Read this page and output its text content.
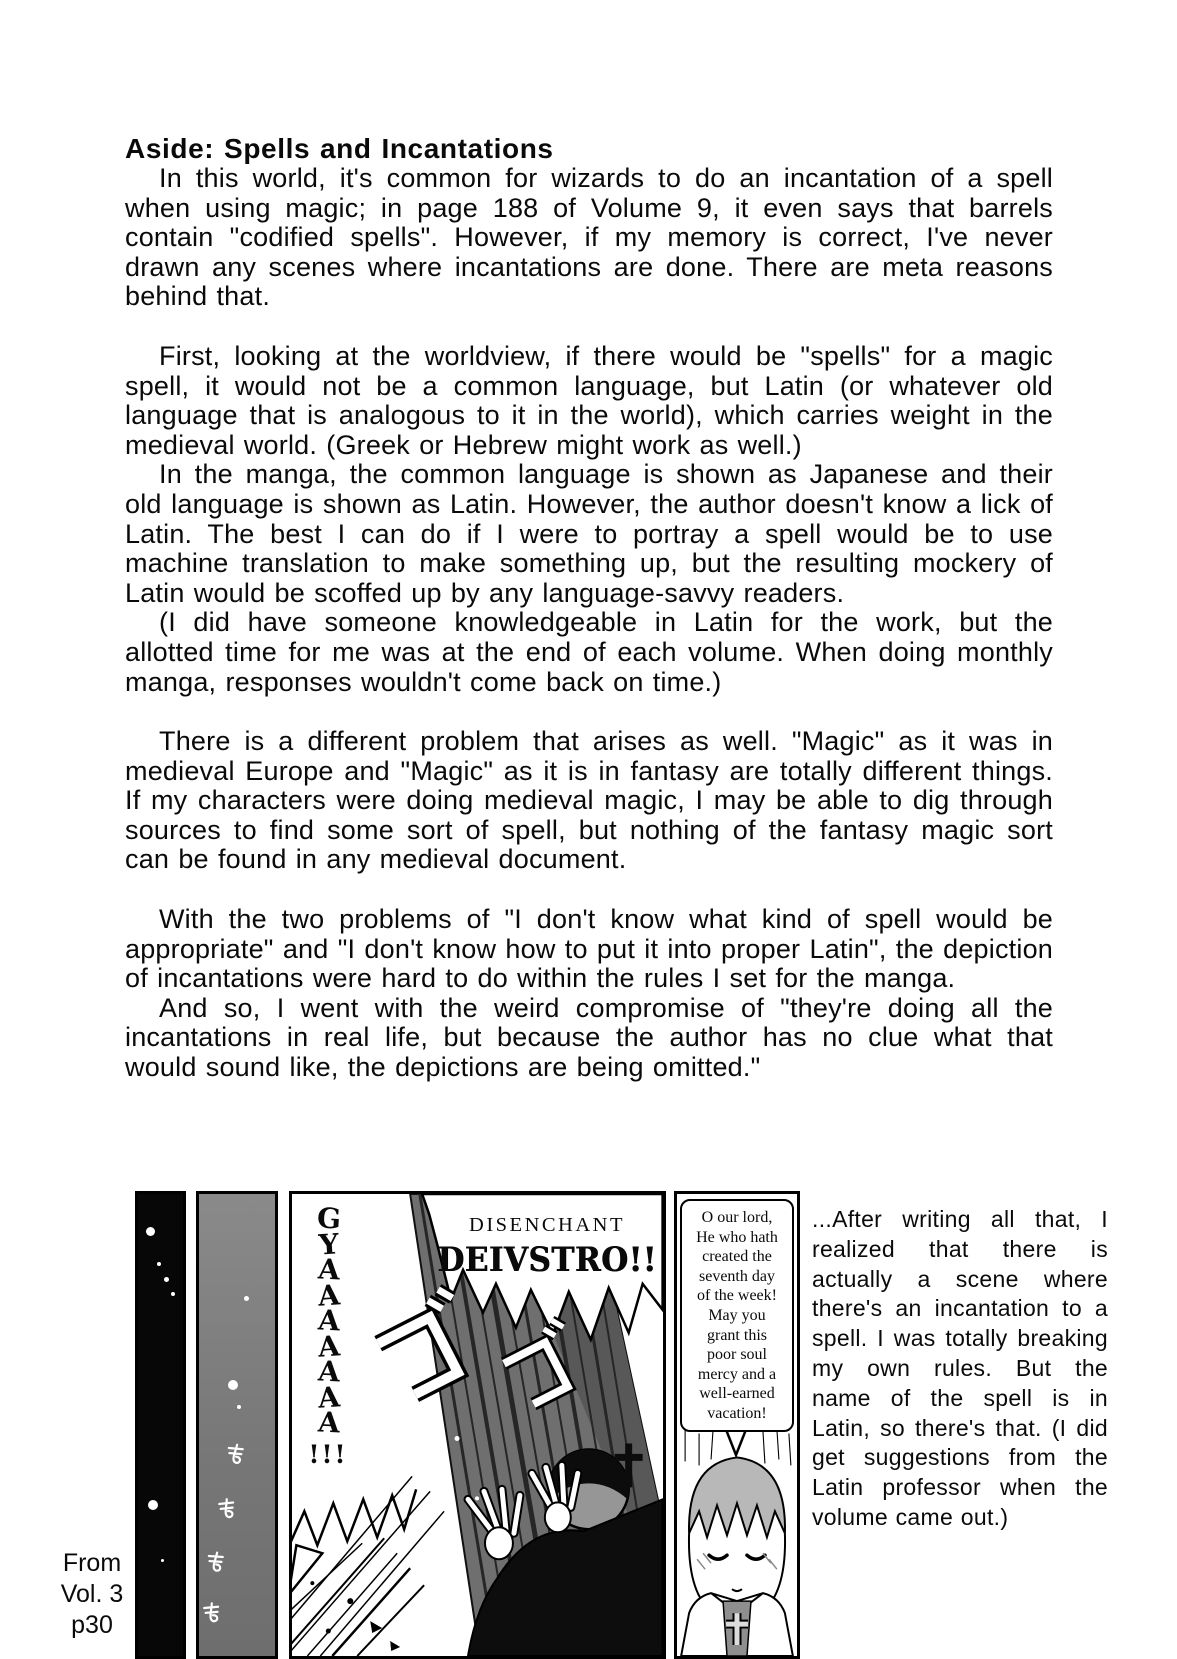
Aside: Spells and Incantations

In this world, it's common for wizards to do an incantation of a spell when using magic; in page 188 of Volume 9, it even says that barrels contain "codified spells". However, if my memory is correct, I've never drawn any scenes where incantations are done. There are meta reasons behind that.

First, looking at the worldview, if there would be "spells" for a magic spell, it would not be a common language, but Latin (or whatever old language that is analogous to it in the world), which carries weight in the medieval world. (Greek or Hebrew might work as well.)

In the manga, the common language is shown as Japanese and their old language is shown as Latin. However, the author doesn't know a lick of Latin. The best I can do if I were to portray a spell would be to use machine translation to make something up, but the resulting mockery of Latin would be scoffed up by any language-savvy readers.

(I did have someone knowledgeable in Latin for the work, but the allotted time for me was at the end of each volume. When doing monthly manga, responses wouldn't come back on time.)

There is a different problem that arises as well. "Magic" as it was in medieval Europe and "Magic" as it is in fantasy are totally different things. If my characters were doing medieval magic, I may be able to dig through sources to find some sort of spell, but nothing of the fantasy magic sort can be found in any medieval document.

With the two problems of "I don't know what kind of spell would be appropriate" and "I don't know how to put it into proper Latin", the depiction of incantations were hard to do within the rules I set for the manga.

And so, I went with the weird compromise of "they're doing all the incantations in real life, but because the author has no clue what that would sound like, the depictions are being omitted."

From
Vol. 3
p30
G
Y
A
A
A
A
A
A
A
!!!
DISENCHANT
DEIVSTRO!!
O our lord,
He who hath
created the
seventh day
of the week!
May you
grant this
poor soul
mercy and a
well-earned
vacation!
...After writing all that, I realized that there is actually a scene where there's an incantation to a spell. I was totally breaking my own rules. But the name of the spell is in Latin, so there's that. (I did get suggestions from the Latin professor when the volume came out.)
